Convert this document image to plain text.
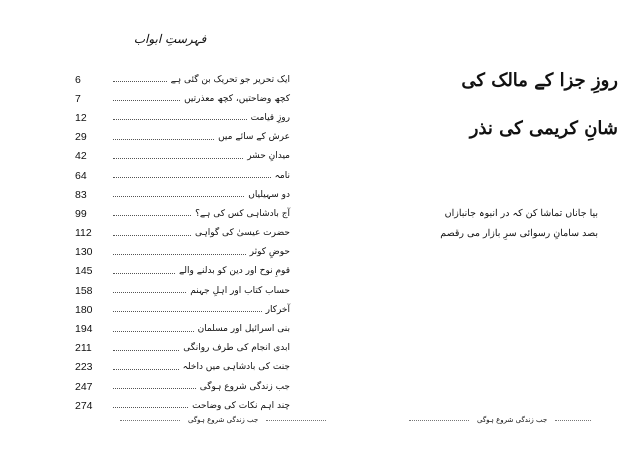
فہرستِ ابواب
6	ایک تحریر جو تحریک بن گئی ہے
7	کچھ وضاحتیں، کچھ معذرتیں
12	روزِ قیامت
29	عرش کے سائے میں
42	میدانِ حشر
64	نامہ
83	دو سہیلیاں
99	آج بادشاہی کس کی ہے؟
112	حضرت عیسیٰ کی گواہی
130	حوضِ کوثر
145	قومِ نوح اور دین کو بدلنے والے
158	حساب کتاب اور اہلِ جہنم
180	آخرکار
194	بنی اسرائیل اور مسلمان
211	ابدی انجام کی طرف روانگی
223	جنت کی بادشاہی میں داخلہ
247	جب زندگی شروع ہوگی
274	چند اہم نکات کی وضاحت
جب زندگی شروع ہوگی
روزِ جزا کے مالک کی
شانِ کریمی کی نذر
بیا جاناں تماشا کن کہ در انبوہ جانبازاں
بصد سامانِ رسوائی سرِ بازار می رقصم
جب زندگی شروع ہوگی
